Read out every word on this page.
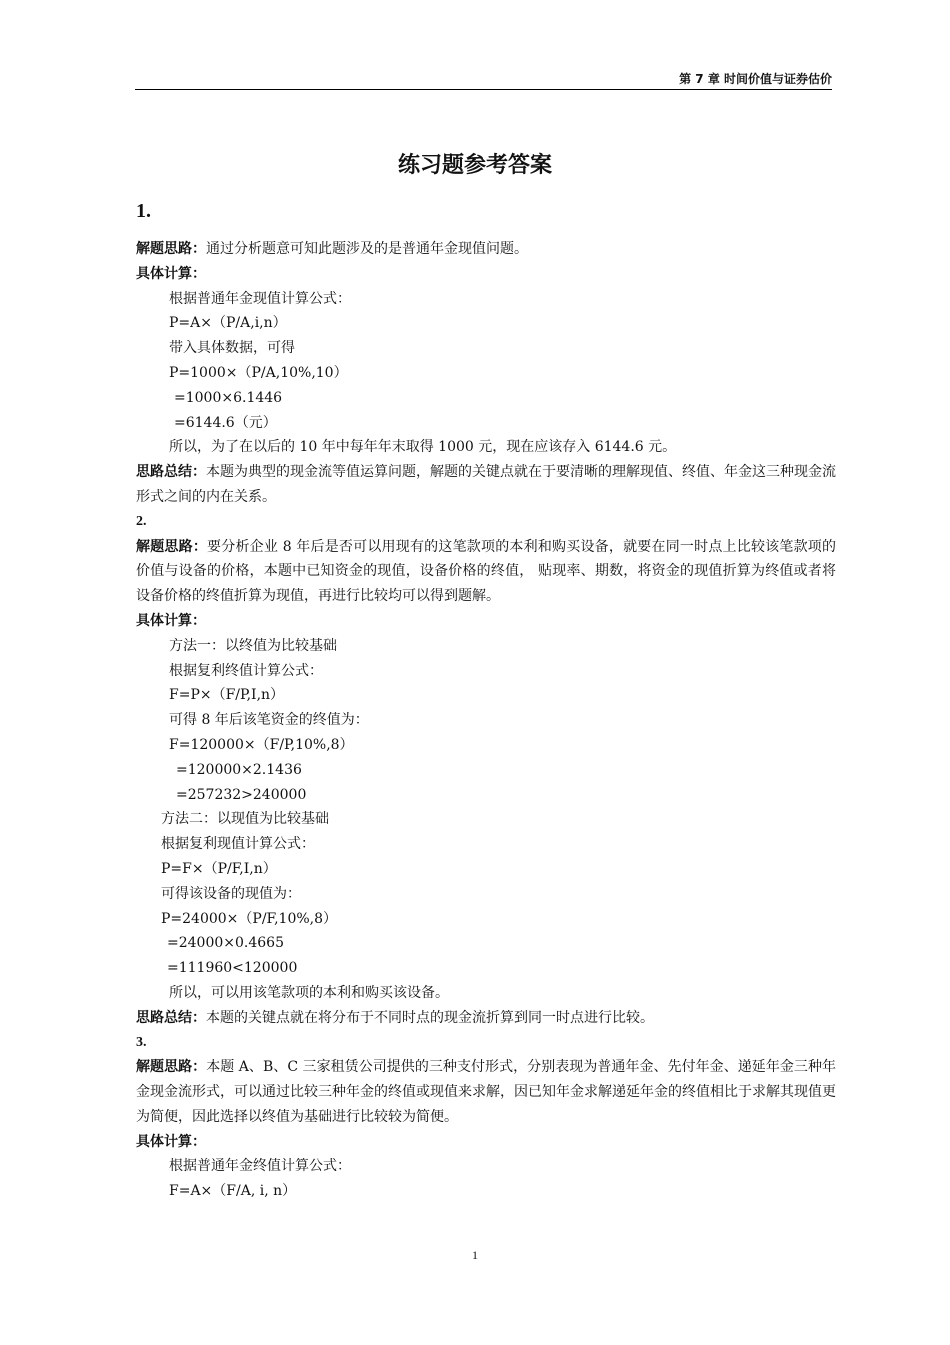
第 7 章 时间价值与证券估价
练习题参考答案
1.
解题思路：通过分析题意可知此题涉及的是普通年金现值问题。
具体计算：
根据普通年金现值计算公式：
P=A×（P/A,i,n）
带入具体数据，可得
P=1000×（P/A,10%,10）
=1000×6.1446
=6144.6（元）
所以，为了在以后的 10 年中每年年末取得 1000 元，现在应该存入 6144.6 元。
思路总结：本题为典型的现金流等值运算问题，解题的关键点就在于要清晰的理解现值、终值、年金这三种现金流形式之间的内在关系。
2.
解题思路：要分析企业 8 年后是否可以用现有的这笔款项的本利和购买设备，就要在同一时点上比较该笔款项的价值与设备的价格，本题中已知资金的现值，设备价格的终值， 贴现率、期数，将资金的现值折算为终值或者将设备价格的终值折算为现值，再进行比较均可以得到题解。
具体计算：
方法一：以终值为比较基础
根据复利终值计算公式：
F=P×（F/P,I,n）
可得 8 年后该笔资金的终值为：
F=120000×（F/P,10%,8）
=120000×2.1436
=257232>240000
方法二：以现值为比较基础
根据复利现值计算公式：
P=F×（P/F,I,n）
可得该设备的现值为：
P=24000×（P/F,10%,8）
=24000×0.4665
=111960<120000
所以，可以用该笔款项的本利和购买该设备。
思路总结：本题的关键点就在将分布于不同时点的现金流折算到同一时点进行比较。
3.
解题思路：本题 A、B、C 三家租赁公司提供的三种支付形式，分别表现为普通年金、先付年金、递延年金三种年金现金流形式，可以通过比较三种年金的终值或现值来求解，因已知年金求解递延年金的终值相比于求解其现值更为简便，因此选择以终值为基础进行比较较为简便。
具体计算：
根据普通年金终值计算公式：
F=A×（F/A, i, n）
1
